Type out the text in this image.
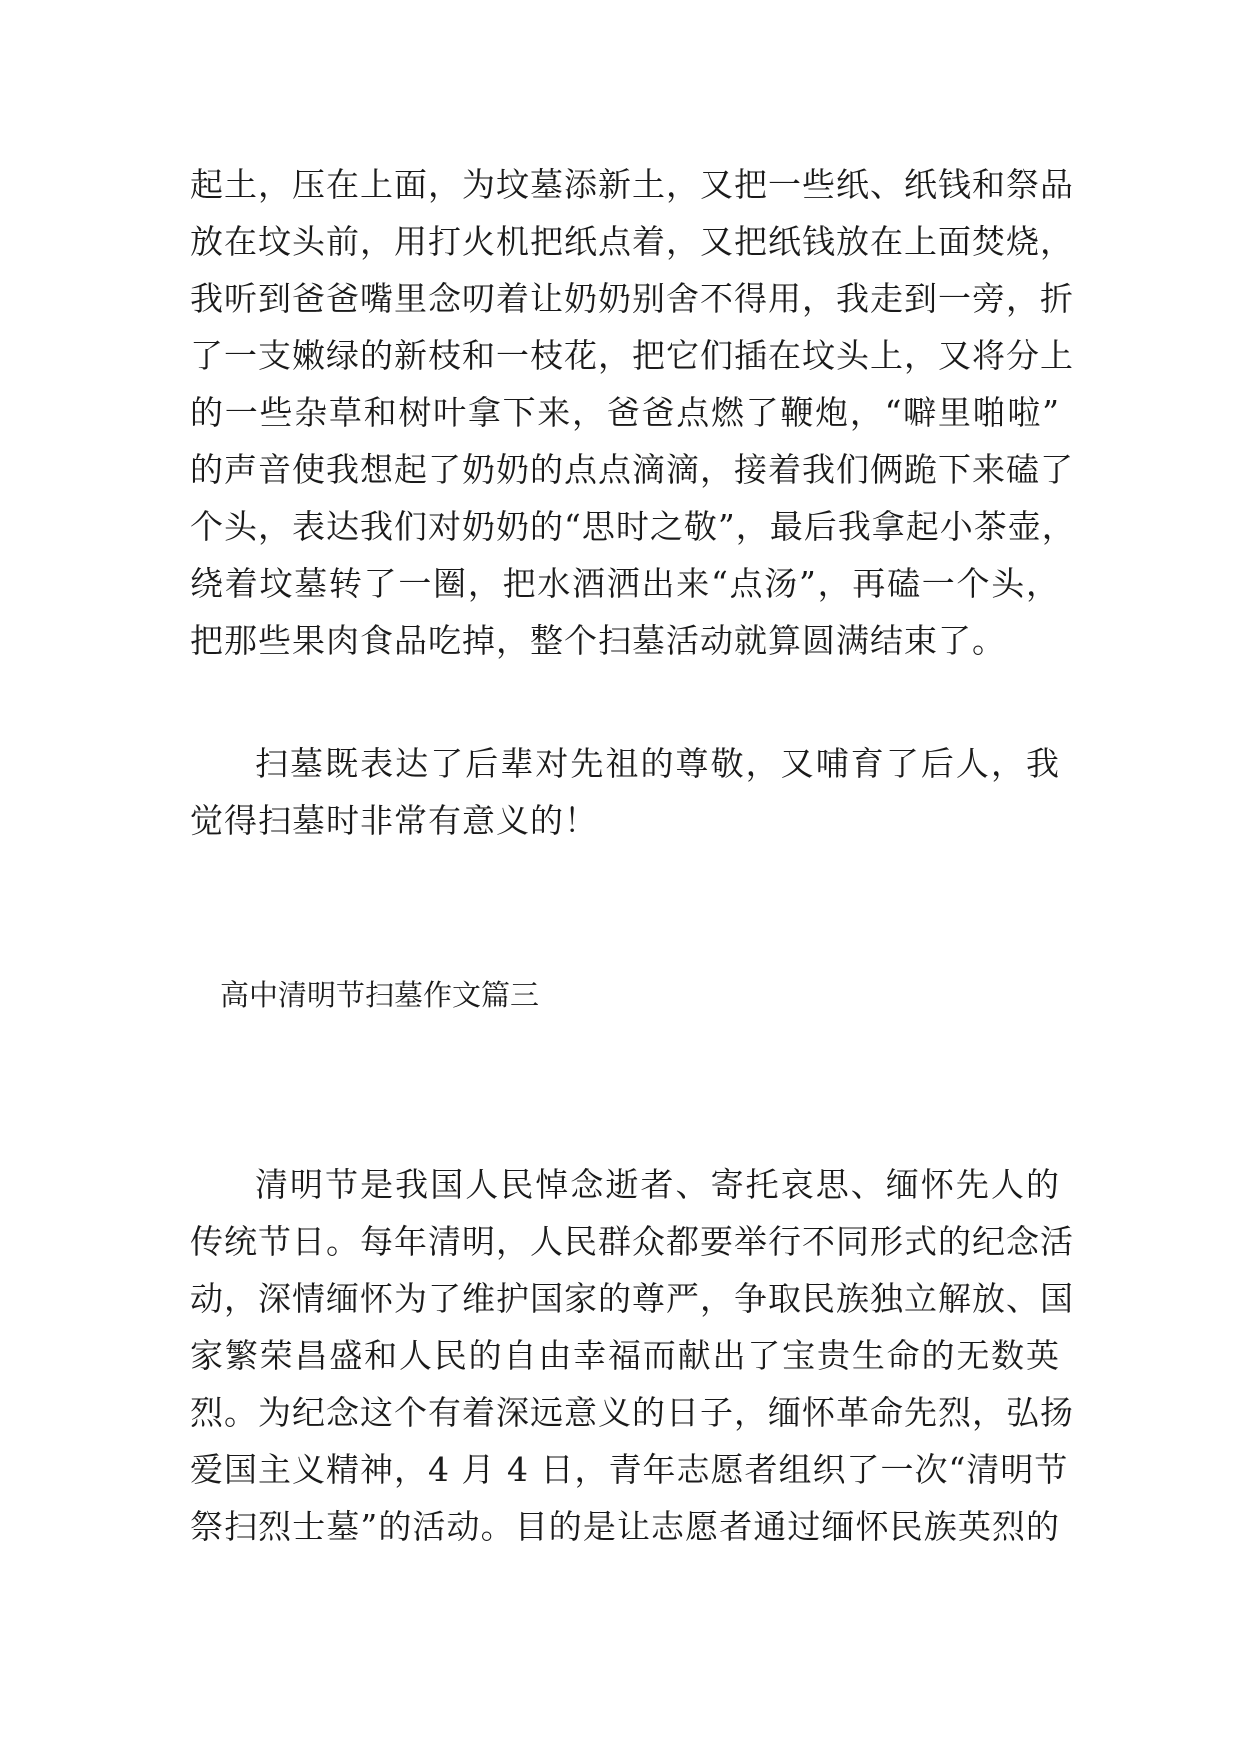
起土，压在上面，为坟墓添新土，又把一些纸、纸钱和祭品

放在坟头前，用打火机把纸点着，又把纸钱放在上面焚烧，

我听到爸爸嘴里念叨着让奶奶别舍不得用，我走到一旁，折

了一支嫩绿的新枝和一枝花，把它们插在坟头上，又将分上

的一些杂草和树叶拿下来，爸爸点燃了鞭炮，“噼里啪啦”

的声音使我想起了奶奶的点点滴滴，接着我们俩跪下来磕了

个头，表达我们对奶奶的“思时之敬”，最后我拿起小茶壶，

绕着坟墓转了一圈，把水酒洒出来“点汤”，再磕一个头，

把那些果肉食品吃掉，整个扫墓活动就算圆满结束了。

扫墓既表达了后辈对先祖的尊敬，又哺育了后人，我

觉得扫墓时非常有意义的！

高中清明节扫墓作文篇三

清明节是我国人民悼念逝者、寄托哀思、缅怀先人的

传统节日。每年清明，人民群众都要举行不同形式的纪念活

动，深情缅怀为了维护国家的尊严，争取民族独立解放、国

家繁荣昌盛和人民的自由幸福而献出了宝贵生命的无数英

烈。为纪念这个有着深远意义的日子，缅怀革命先烈，弘扬

爱国主义精神，4 月 4 日，青年志愿者组织了一次“清明节

祭扫烈士墓”的活动。目的是让志愿者通过缅怀民族英烈的
